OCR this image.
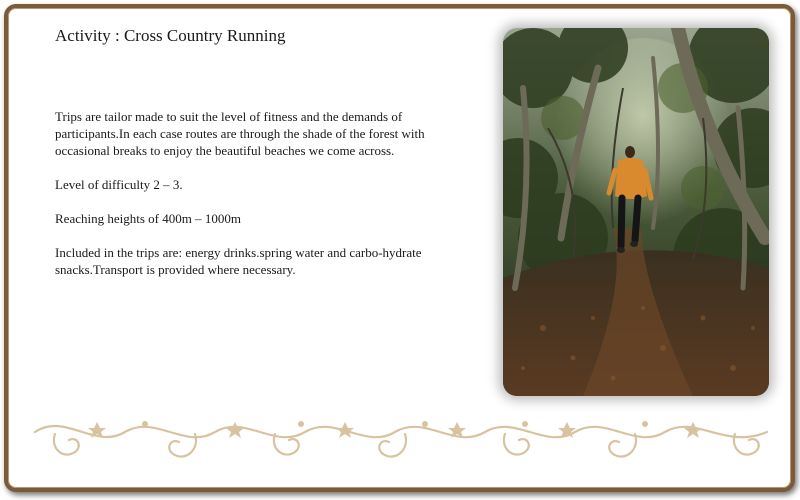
Activity : Cross Country Running

Trips are tailor made to suit the level of fitness and the demands of participants.In each case routes are through the shade of the forest with occasional breaks to enjoy the beautiful beaches we come across.

Level of difficulty 2 – 3.

Reaching heights of 400m – 1000m

Included in the trips are: energy drinks.spring water and carbo-hydrate snacks.Transport is provided where necessary.
